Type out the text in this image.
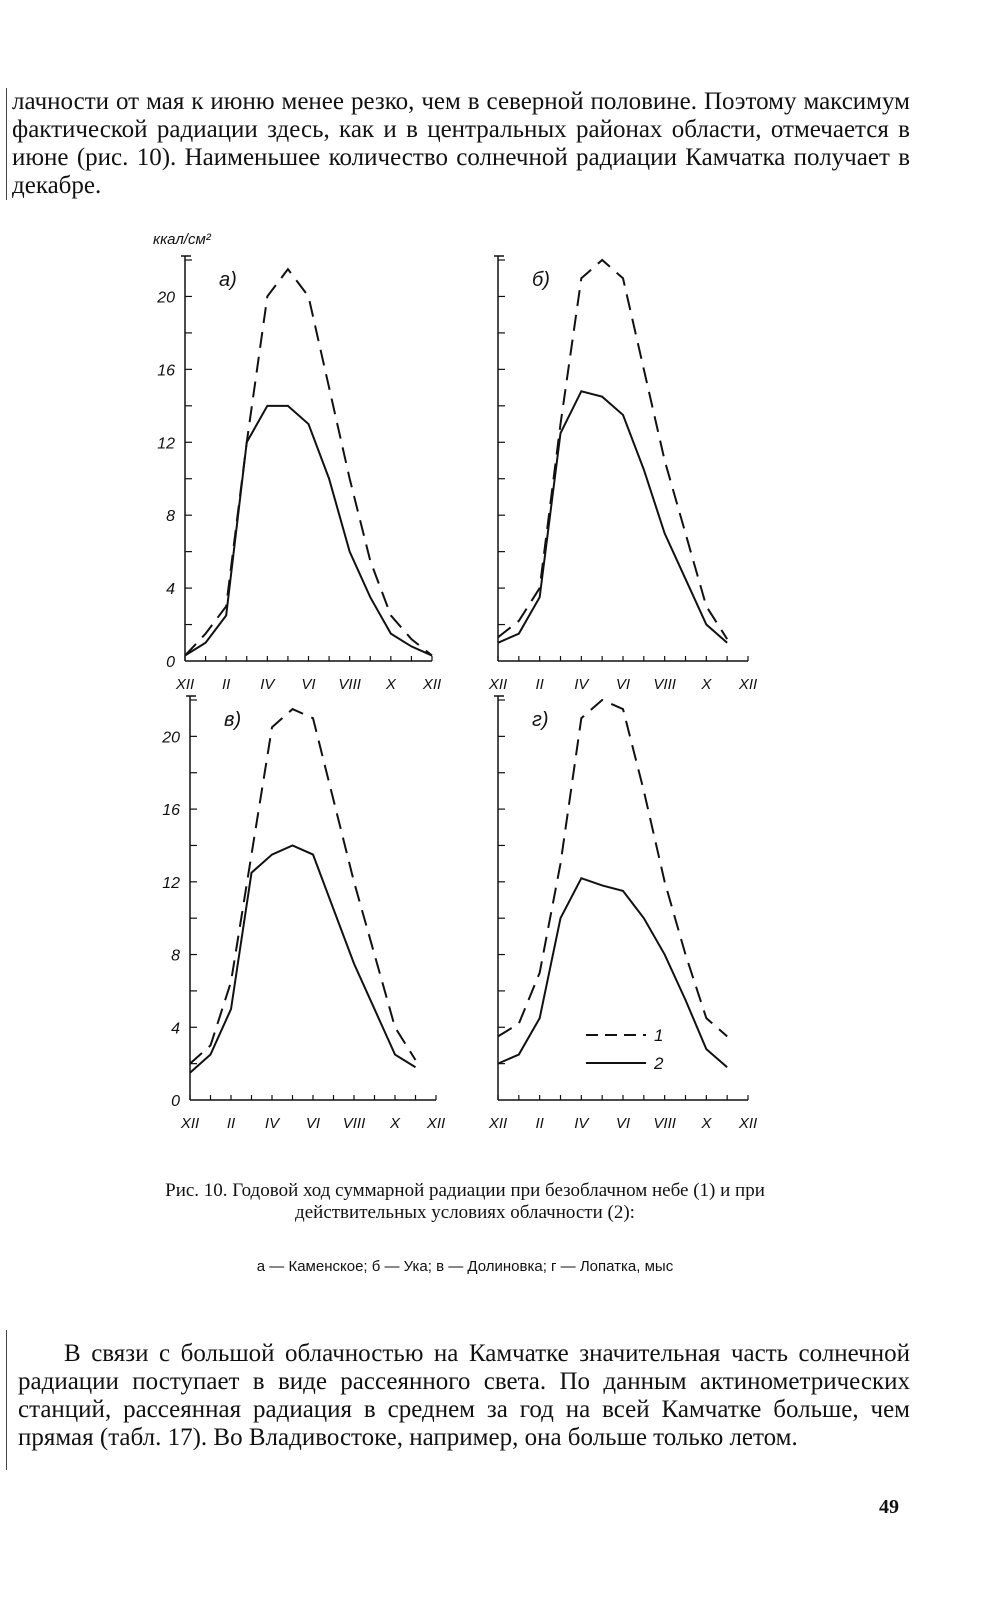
лачности от мая к июню менее резко, чем в северной половине. Поэтому максимум фактической радиации здесь, как и в центральных районах области, отмечается в июне (рис. 10). Наименьшее количество солнечной радиации Камчатка получает в декабре.

0
4
8
12
16
20
XII II IV VI VIII X XII
ккал/см²
а)
XII II IV VI VIII X XII
б)
0
4
8
12
16
20
XII II IV VI VIII X XII
в)
XII II IV VI VIII X XII
г)
1
2

Рис. 10. Годовой ход суммарной радиации при безоблачном небе (1) и при действительных условиях облачности (2):

а — Каменское; б — Ука; в — Долиновка; г — Лопатка, мыс

В связи с большой облачностью на Камчатке значительная часть солнечной радиации поступает в виде рассеянного света. По данным актинометрических станций, рассеянная радиация в среднем за год на всей Камчатке больше, чем прямая (табл. 17). Во Владивостоке, например, она больше только летом.

49
